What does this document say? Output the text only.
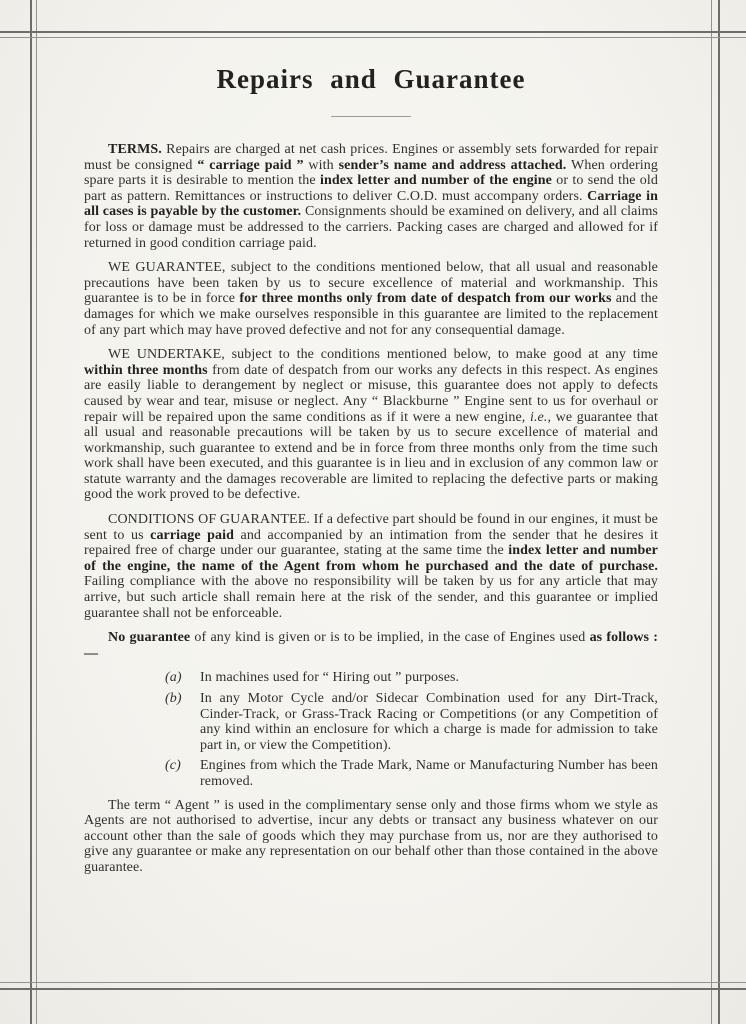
Repairs and Guarantee

TERMS. Repairs are charged at net cash prices. Engines or assembly sets forwarded for repair must be consigned “ carriage paid ” with sender’s name and address attached. When ordering spare parts it is desirable to mention the index letter and number of the engine or to send the old part as pattern. Remittances or instructions to deliver C.O.D. must accompany orders. Carriage in all cases is payable by the customer. Consignments should be examined on delivery, and all claims for loss or damage must be addressed to the carriers. Packing cases are charged and allowed for if returned in good condition carriage paid.

WE GUARANTEE, subject to the conditions mentioned below, that all usual and reasonable precautions have been taken by us to secure excellence of material and workmanship. This guarantee is to be in force for three months only from date of despatch from our works and the damages for which we make ourselves responsible in this guarantee are limited to the replacement of any part which may have proved defective and not for any consequential damage.

WE UNDERTAKE, subject to the conditions mentioned below, to make good at any time within three months from date of despatch from our works any defects in this respect. As engines are easily liable to derangement by neglect or misuse, this guarantee does not apply to defects caused by wear and tear, misuse or neglect. Any “ Blackburne ” Engine sent to us for overhaul or repair will be repaired upon the same conditions as if it were a new engine, i.e., we guarantee that all usual and reasonable precautions will be taken by us to secure excellence of material and workmanship, such guarantee to extend and be in force from three months only from the time such work shall have been executed, and this guarantee is in lieu and in exclusion of any common law or statute warranty and the damages recoverable are limited to replacing the defective parts or making good the work proved to be defective.

CONDITIONS OF GUARANTEE. If a defective part should be found in our engines, it must be sent to us carriage paid and accompanied by an intimation from the sender that he desires it repaired free of charge under our guarantee, stating at the same time the index letter and number of the engine, the name of the Agent from whom he purchased and the date of purchase. Failing compliance with the above no responsibility will be taken by us for any article that may arrive, but such article shall remain here at the risk of the sender, and this guarantee or implied guarantee shall not be enforceable.

No guarantee of any kind is given or is to be implied, in the case of Engines used as follows :—

(a) In machines used for “ Hiring out ” purposes.
(b) In any Motor Cycle and/or Sidecar Combination used for any Dirt-Track, Cinder-Track, or Grass-Track Racing or Competitions (or any Competition of any kind within an enclosure for which a charge is made for admission to take part in, or view the Competition).
(c) Engines from which the Trade Mark, Name or Manufacturing Number has been removed.

The term “ Agent ” is used in the complimentary sense only and those firms whom we style as Agents are not authorised to advertise, incur any debts or transact any business whatever on our account other than the sale of goods which they may purchase from us, nor are they authorised to give any guarantee or make any representation on our behalf other than those contained in the above guarantee.
